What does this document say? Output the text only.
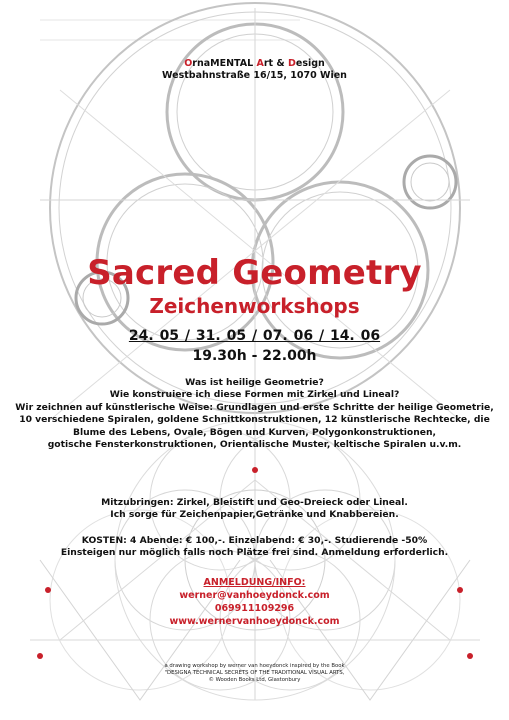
OrnaMENTAL Art & Design
Westbahnstraße 16/15, 1070 Wien
Sacred Geometry
Zeichenworkshops
24. 05 / 31. 05 / 07. 06 / 14. 06
19.30h - 22.00h
Was ist heilige Geometrie?
Wie konstruiere ich diese Formen mit Zirkel und Lineal?
Wir zeichnen auf künstlerische Weise: Grundlagen und erste Schritte der heilige Geometrie,
10 verschiedene Spiralen, goldene Schnittkonstruktionen, 12 künstlerische Rechtecke, die
Blume des Lebens, Ovale, Bögen und Kurven, Polygonkonstruktionen,
gotische Fensterkonstruktionen, Orientalische Muster, keltische Spiralen u.v.m.
Mitzubringen: Zirkel, Bleistift und Geo-Dreieck oder Lineal.
Ich sorge für Zeichenpapier,Getränke und Knabbereien.
KOSTEN: 4 Abende: € 100,-. Einzelabend: € 30,-. Studierende -50%
Einsteigen nur möglich falls noch Plätze frei sind. Anmeldung erforderlich.
ANMELDUNG/INFO:
werner@vanhoeydonck.com
069911109296
www.wernervanhoeydonck.com
a drawing workshop by werner van hoeydonck inspired by the Book
"DESIGNA TECHNICAL SECRETS OF THE TRADITIONAL VISUAL ARTS,
© Wooden Books Ltd, Glastonbury
